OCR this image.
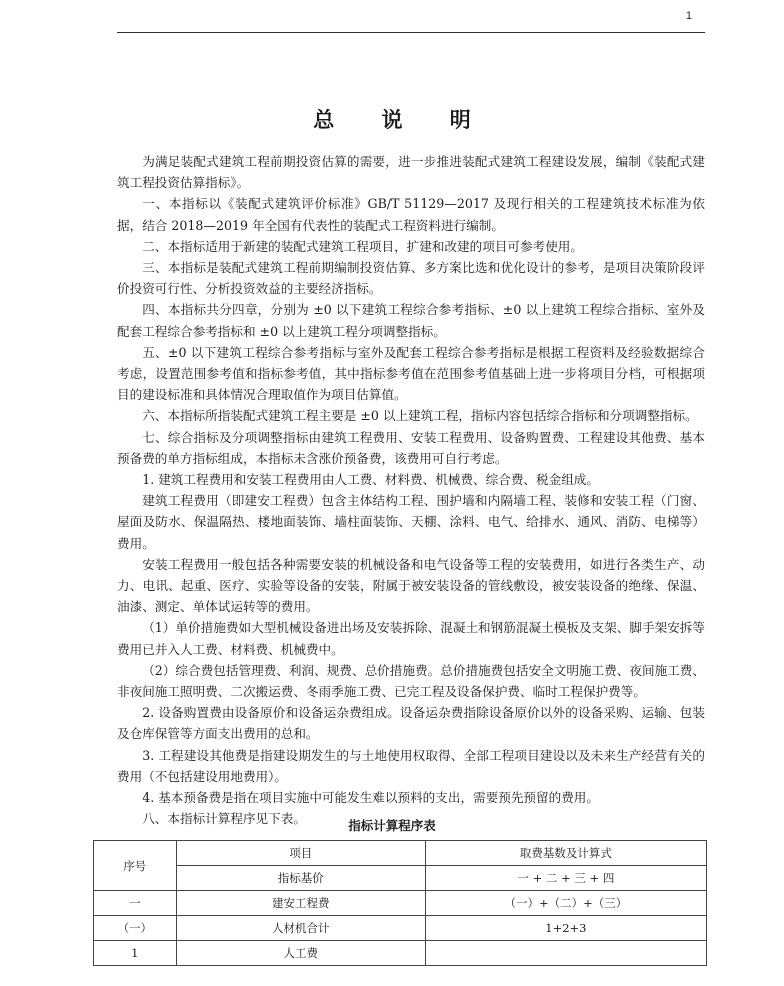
1
总 说 明

为满足装配式建筑工程前期投资估算的需要，进一步推进装配式建筑工程建设发展，编制《装配式建筑工程投资估算指标》。

一、本指标以《装配式建筑评价标准》GB/T 51129—2017 及现行相关的工程建筑技术标准为依据，结合 2018—2019 年全国有代表性的装配式工程资料进行编制。

二、本指标适用于新建的装配式建筑工程项目，扩建和改建的项目可参考使用。

三、本指标是装配式建筑工程前期编制投资估算、多方案比选和优化设计的参考，是项目决策阶段评价投资可行性、分析投资效益的主要经济指标。

四、本指标共分四章，分别为 ±0 以下建筑工程综合参考指标、±0 以上建筑工程综合指标、室外及配套工程综合参考指标和 ±0 以上建筑工程分项调整指标。

五、±0 以下建筑工程综合参考指标与室外及配套工程综合参考指标是根据工程资料及经验数据综合考虑，设置范围参考值和指标参考值，其中指标参考值在范围参考值基础上进一步将项目分档，可根据项目的建设标准和具体情况合理取值作为项目估算值。

六、本指标所指装配式建筑工程主要是 ±0 以上建筑工程，指标内容包括综合指标和分项调整指标。

七、综合指标及分项调整指标由建筑工程费用、安装工程费用、设备购置费、工程建设其他费、基本预备费的单方指标组成，本指标未含涨价预备费，该费用可自行考虑。

1. 建筑工程费用和安装工程费用由人工费、材料费、机械费、综合费、税金组成。

建筑工程费用（即建安工程费）包含主体结构工程、围护墙和内隔墙工程、装修和安装工程（门窗、屋面及防水、保温隔热、楼地面装饰、墙柱面装饰、天棚、涂料、电气、给排水、通风、消防、电梯等）费用。

安装工程费用一般包括各种需要安装的机械设备和电气设备等工程的安装费用，如进行各类生产、动力、电讯、起重、医疗、实验等设备的安装，附属于被安装设备的管线敷设，被安装设备的绝缘、保温、油漆、测定、单体试运转等的费用。

（1）单价措施费如大型机械设备进出场及安装拆除、混凝土和钢筋混凝土模板及支架、脚手架安拆等费用已并入人工费、材料费、机械费中。

（2）综合费包括管理费、利润、规费、总价措施费。总价措施费包括安全文明施工费、夜间施工费、非夜间施工照明费、二次搬运费、冬雨季施工费、已完工程及设备保护费、临时工程保护费等。

2. 设备购置费由设备原价和设备运杂费组成。设备运杂费指除设备原价以外的设备采购、运输、包装及仓库保管等方面支出费用的总和。

3. 工程建设其他费是指建设期发生的与土地使用权取得、全部工程项目建设以及未来生产经营有关的费用（不包括建设用地费用）。

4. 基本预备费是指在项目实施中可能发生难以预料的支出，需要预先预留的费用。

八、本指标计算程序见下表。	指标计算程序表
序号	项目	取费基数及计算式
	指标基价	一 + 二 + 三 + 四
一	建安工程费	（一）+（二）+（三）
（一）	人材机合计	1+2+3
1	人工费	
